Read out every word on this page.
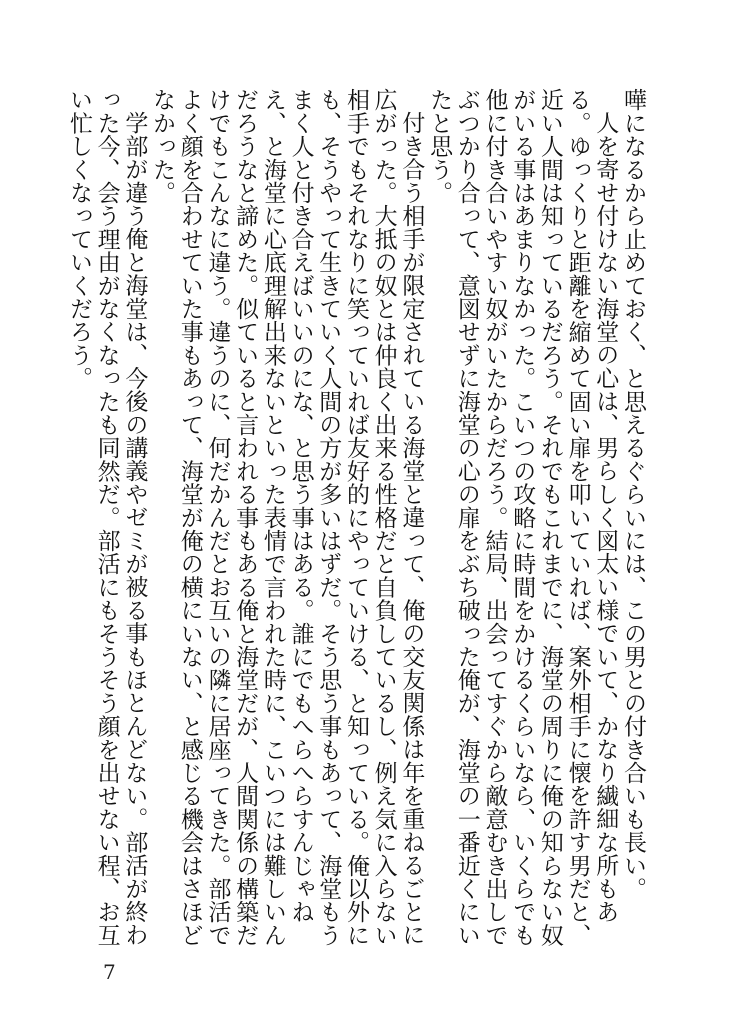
嘩になるから止めておく、と思えるぐらいには、この男との付き合いも長い。

人を寄せ付けない海堂の心は、男らしく図太い様でいて、かなり繊細な所もある。ゆっくりと距離を縮めて固い扉を叩いていれば、案外相手に懐を許す男だと、近い人間は知っているだろう。それでもこれまでに、海堂の周りに俺の知らない奴がいる事はあまりなかった。こいつの攻略に時間をかけるくらいなら、いくらでも他に付き合いやすい奴がいたからだろう。結局、出会ってすぐから敵意むき出しでぶつかり合って、意図せずに海堂の心の扉をぶち破った俺が、海堂の一番近くにいたと思う。

付き合う相手が限定されている海堂と違って、俺の交友関係は年を重ねるごとに広がった。大抵の奴とは仲良く出来る性格だと自負しているし、例え気に入らない相手でもそれなりに笑っていれば友好的にやっていける、と知っている。俺以外にも、そうやって生きていく人間の方が多いはずだ。そう思う事もあって、海堂もうまく人と付き合えばいいのにな、と思う事はある。誰にでもへらへらすんじゃねえ、と海堂に心底理解出来ないといった表情で言われた時に、こいつには難しいんだろうなと諦めた。似ていると言われる事もある俺と海堂だが、人間関係の構築だけでもこんなに違う。違うのに、何だかんだとお互いの隣に居座ってきた。部活でよく顔を合わせていた事もあって、海堂が俺の横にいない、と感じる機会はさほどなかった。

学部が違う俺と海堂は、今後の講義やゼミが被る事もほとんどない。部活が終わった今、会う理由がなくなったも同然だ。部活にもそうそう顔を出せない程、お互い忙しくなっていくだろう。

7
